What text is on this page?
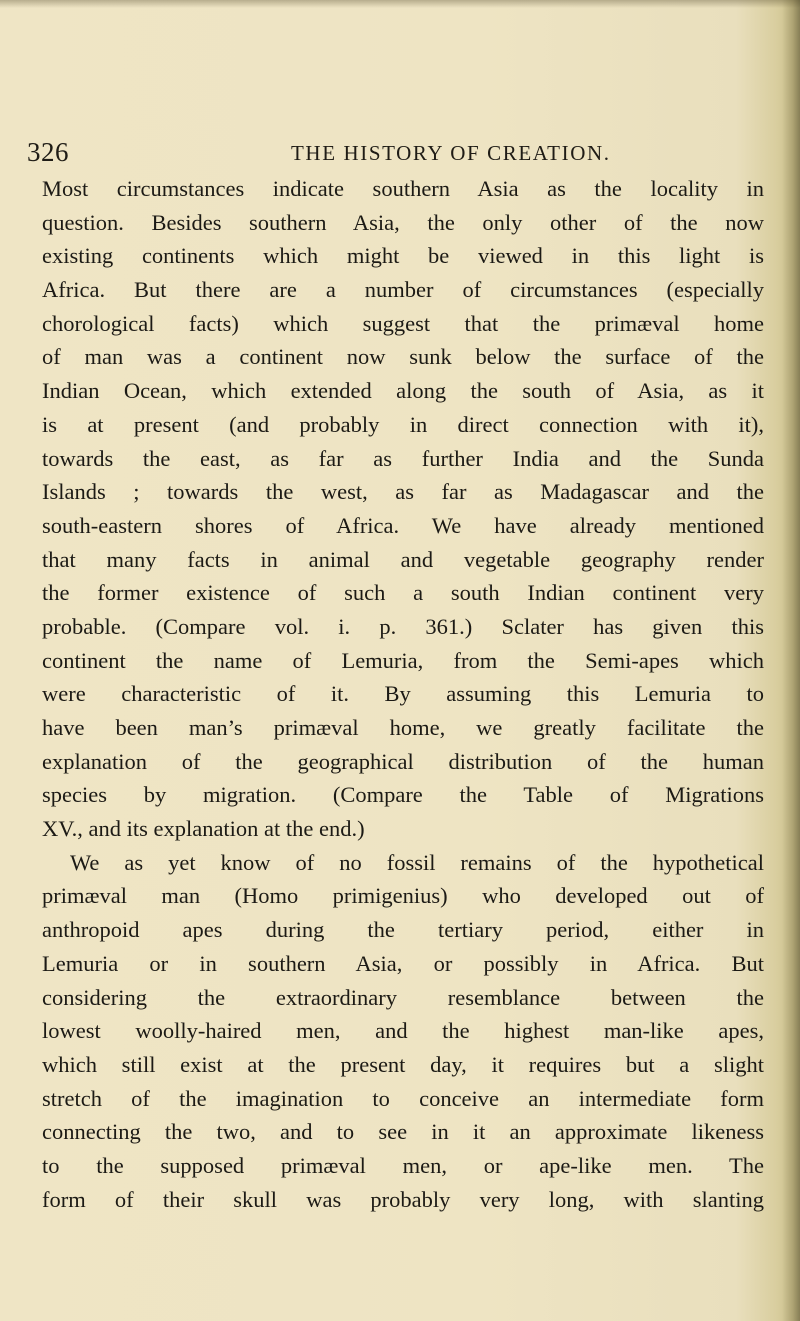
326	THE HISTORY OF CREATION.
Most circumstances indicate southern Asia as the locality in
question. Besides southern Asia, the only other of the now
existing continents which might be viewed in this light is
Africa. But there are a number of circumstances (especially
chorological facts) which suggest that the primæval home
of man was a continent now sunk below the surface of the
Indian Ocean, which extended along the south of Asia, as it
is at present (and probably in direct connection with it),
towards the east, as far as further India and the Sunda
Islands ; towards the west, as far as Madagascar and the
south-eastern shores of Africa. We have already mentioned
that many facts in animal and vegetable geography render
the former existence of such a south Indian continent very
probable. (Compare vol. i. p. 361.) Sclater has given this
continent the name of Lemuria, from the Semi-apes which
were characteristic of it. By assuming this Lemuria to
have been man’s primæval home, we greatly facilitate the
explanation of the geographical distribution of the human
species by migration. (Compare the Table of Migrations
XV., and its explanation at the end.)
We as yet know of no fossil remains of the hypothetical
primæval man (Homo primigenius) who developed out of
anthropoid apes during the tertiary period, either in
Lemuria or in southern Asia, or possibly in Africa. But
considering the extraordinary resemblance between the
lowest woolly-haired men, and the highest man-like apes,
which still exist at the present day, it requires but a slight
stretch of the imagination to conceive an intermediate form
connecting the two, and to see in it an approximate likeness
to the supposed primæval men, or ape-like men. The
form of their skull was probably very long, with slanting
